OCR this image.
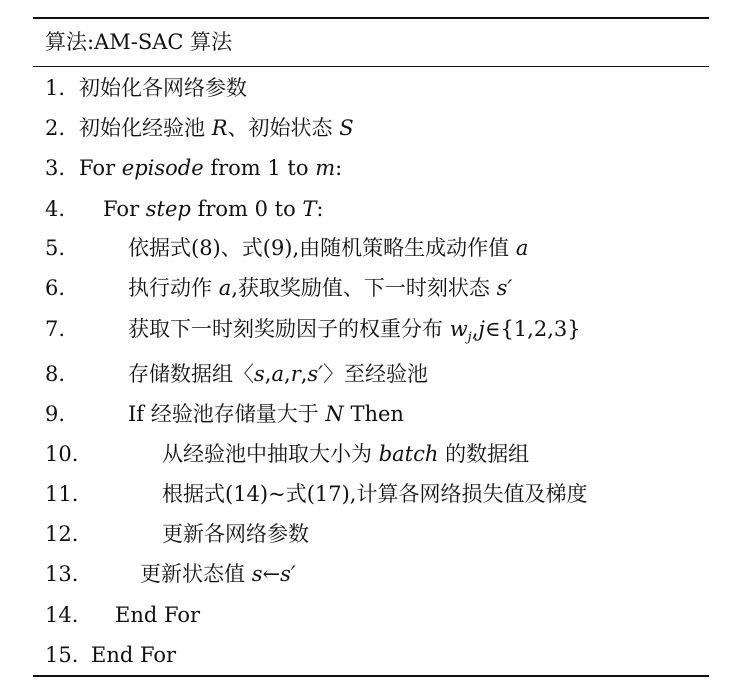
算法:AM-SAC 算法
1. 初始化各网络参数
2. 初始化经验池 R、初始状态 S
3. For episode from 1 to m:
4. For step from 0 to T:
5.	依据式(8)、式(9),由随机策略生成动作值 a
6.	执行动作 a,获取奖励值、下一时刻状态 s′
7.	获取下一时刻奖励因子的权重分布 $w_j,j\in\{1,2,3\}$
8.	存储数据组〈s,a,r,s′〉至经验池
9.	If 经验池存储量大于 N Then
10.	从经验池中抽取大小为 batch 的数据组
11.	根据式(14)~式(17),计算各网络损失值及梯度
12.	更新各网络参数
13.	更新状态值 s←s′
14. End For
15. End For
